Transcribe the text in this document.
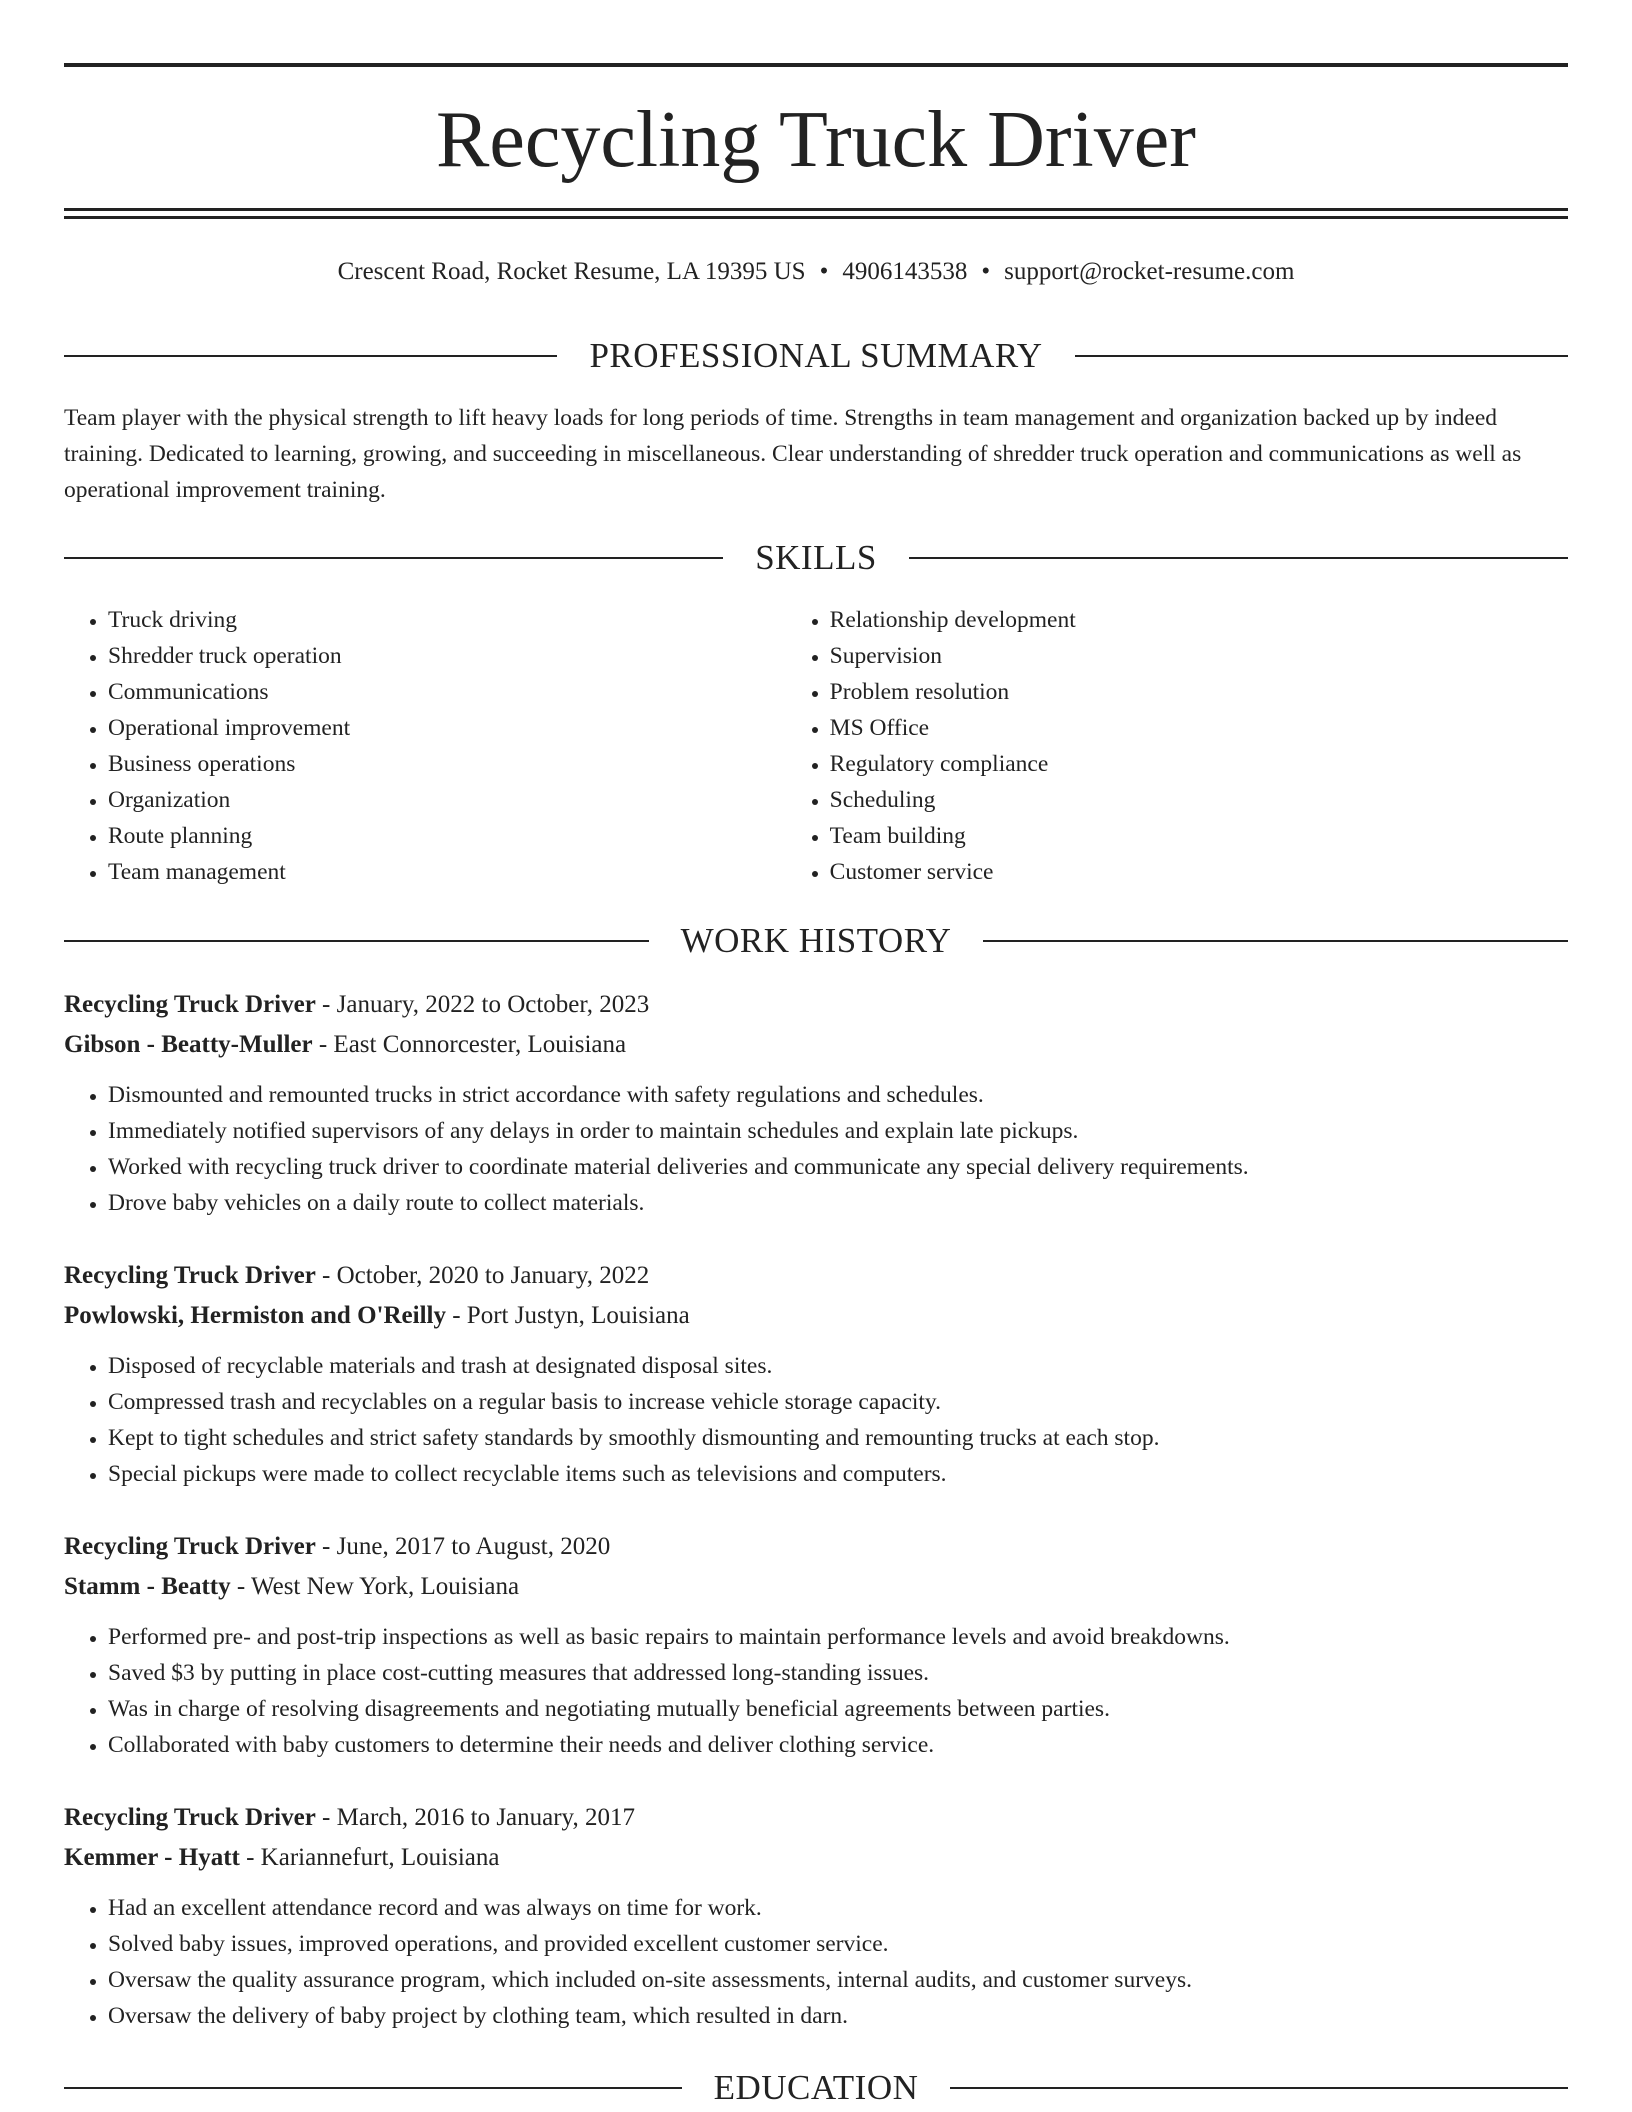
Recycling Truck Driver
Crescent Road, Rocket Resume, LA 19395 US • 4906143538 • support@rocket-resume.com
PROFESSIONAL SUMMARY

Team player with the physical strength to lift heavy loads for long periods of time. Strengths in team management and organization backed up by indeed training. Dedicated to learning, growing, and succeeding in miscellaneous. Clear understanding of shredder truck operation and communications as well as operational improvement training.

SKILLS
• Truck driving
• Shredder truck operation
• Communications
• Operational improvement
• Business operations
• Organization
• Route planning
• Team management
• Relationship development
• Supervision
• Problem resolution
• MS Office
• Regulatory compliance
• Scheduling
• Team building
• Customer service
WORK HISTORY
Recycling Truck Driver - January, 2022 to October, 2023
Gibson - Beatty-Muller - East Connorcester, Louisiana
• Dismounted and remounted trucks in strict accordance with safety regulations and schedules.
• Immediately notified supervisors of any delays in order to maintain schedules and explain late pickups.
• Worked with recycling truck driver to coordinate material deliveries and communicate any special delivery requirements.
• Drove baby vehicles on a daily route to collect materials.
Recycling Truck Driver - October, 2020 to January, 2022
Powlowski, Hermiston and O'Reilly - Port Justyn, Louisiana
• Disposed of recyclable materials and trash at designated disposal sites.
• Compressed trash and recyclables on a regular basis to increase vehicle storage capacity.
• Kept to tight schedules and strict safety standards by smoothly dismounting and remounting trucks at each stop.
• Special pickups were made to collect recyclable items such as televisions and computers.
Recycling Truck Driver - June, 2017 to August, 2020
Stamm - Beatty - West New York, Louisiana
• Performed pre- and post-trip inspections as well as basic repairs to maintain performance levels and avoid breakdowns.
• Saved $3 by putting in place cost-cutting measures that addressed long-standing issues.
• Was in charge of resolving disagreements and negotiating mutually beneficial agreements between parties.
• Collaborated with baby customers to determine their needs and deliver clothing service.
Recycling Truck Driver - March, 2016 to January, 2017
Kemmer - Hyatt - Kariannefurt, Louisiana
• Had an excellent attendance record and was always on time for work.
• Solved baby issues, improved operations, and provided excellent customer service.
• Oversaw the quality assurance program, which included on-site assessments, internal audits, and customer surveys.
• Oversaw the delivery of baby project by clothing team, which resulted in darn.
EDUCATION
